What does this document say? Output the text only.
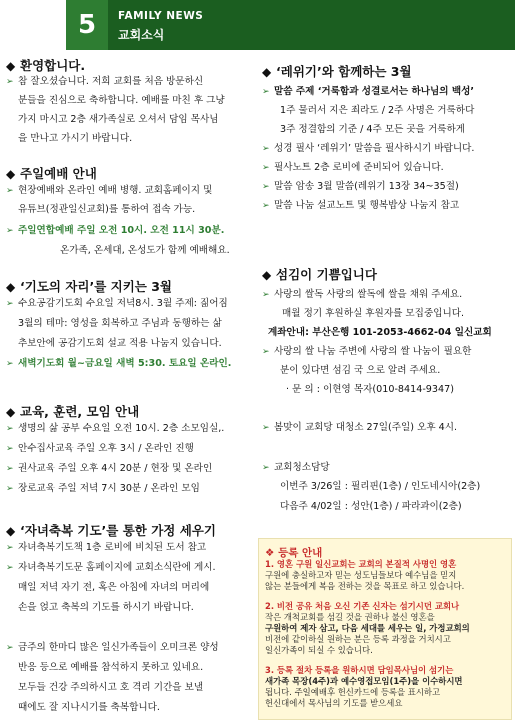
5	FAMILY NEWS
교회소식
◆ 환영합니다.
➢ 참 잘오셨습니다. 저희 교회를 처음 방문하신
분들을 진심으로 축하합니다. 예배를 마친 후 그냥
가지 마시고 2층 새가족실로 오셔서 담임 목사님
을 만나고 가시기 바랍니다.
◆ 주일예배 안내
➢ 현장예배와 온라인 예배 병행. 교회홈페이지 및
유튜브(정관일신교회)를 통하여 접속 가능.
➢ 주일연합예배 주일 오전 10시. 오전 11시 30분.
온가족, 온세대, 온성도가 함께 예배해요.
◆ ‘기도의 자리’를 지키는 3월
➢ 수요공감기도회 수요일 저녁8시. 3월 주제: 짊어짐
3월의 테마: 영성을 회복하고 주님과 동행하는 삶
추보안에 공감기도회 설교 적용 나눔지 있습니다.
➢ 새벽기도회 월~금요일 새벽 5:30. 토요일 온라인.
◆ 교육, 훈련, 모임 안내
➢ 생명의 삶 공부 수요일 오전 10시. 2층 소모임실,.
➢ 안수집사교육 주일 오후 3시 / 온라인 진행
➢ 권사교육 주일 오후 4시 20분 / 현장 및 온라인
➢ 장로교육 주일 저녁 7시 30분 / 온라인 모임
◆ ‘자녀축복 기도’를 통한 가정 세우기
➢ 자녀축복기도책 1층 로비에 비치된 도서 참고
➢ 자녀축복기도문 홈페이지에 교회소식란에 게시.
매일 저녁 자기 전, 혹은 아침에 자녀의 머리에
손을 얹고 축복의 기도를 하시기 바랍니다.
➢ 금주의 한마디 많은 일신가족들이 오미크론 양성
반응 등으로 예배를 참석하지 못하고 있네요.
모두들 건강 주의하시고 호 격리 기간을 보낼
때에도 잘 지나시기를 축복합니다.
◆ ‘레위기’와 함께하는 3월
➢ 말씀 주제 ‘거룩함과 성결로서는 하나님의 백성’
1주 물러서 지은 죄라도 / 2주 사명은 거룩하다
3주 정결함의 기준 / 4주 모든 곳을 거룩하게
➢ 성경 필사 ‘레위기’ 말씀을 필사하시기 바랍니다.
➢ 필사노트 2층 로비에 준비되어 있습니다.
➢ 말씀 암송 3월 말씀(레위기 13장 34~35절)
➢ 말씀 나눔 설교노트 및 행복밥상 나눔지 참고
◆ 섬김이 기쁨입니다
➢ 사랑의 쌀독 사랑의 쌀독에 쌀을 채워 주세요.
매월 정기 후원하실 후원자를 모집중입니다.
계좌안내: 부산은행 101-2053-4662-04 일신교회
➢ 사랑의 쌀 나눔 주변에 사랑의 쌀 나눔이 필요한
분이 있다면 섬김 국 으로 알려 주세요.
· 문 의 : 이현영 목자(010-8414-9347)
➢ 봄맞이 교회당 대청소 27일(주일) 오후 4시.
➢ 교회청소담당
이번주 3/26일 : 필리핀(1층) / 인도네시아(2층)
다음주 4/02일 : 성안(1층) / 파라과이(2층)
❖ 등록 안내
1. 영혼 구원 일신교회는 교회의 본질적 사명인 영혼
구원에 충실하고자 믿는 성도님들보다 예수님을 믿지
않는 분들에게 복음 전하는 것을 목표로 하고 있습니다.
2. 비전 공유 처음 오신 기존 신자는 섬기시던 교회나
작은 개척교회를 섬길 것을 권하나 불신 영혼을
구원하여 제자 삼고, 다음 세대를 세우는 일, 가정교회의
비전에 같이하실 원하는 분은 등록 과정을 거치시고
일신가족이 되실 수 있습니다.
3. 등록 절차 등록을 원하시면 담임목사님이 섬기는
새가족 목장(4주)과 예수영접모임(1주)을 이수하시면
됩니다. 주일예배후 헌신카드에 등록을 표시하고
헌신대에서 목사님의 기도를 받으세요
